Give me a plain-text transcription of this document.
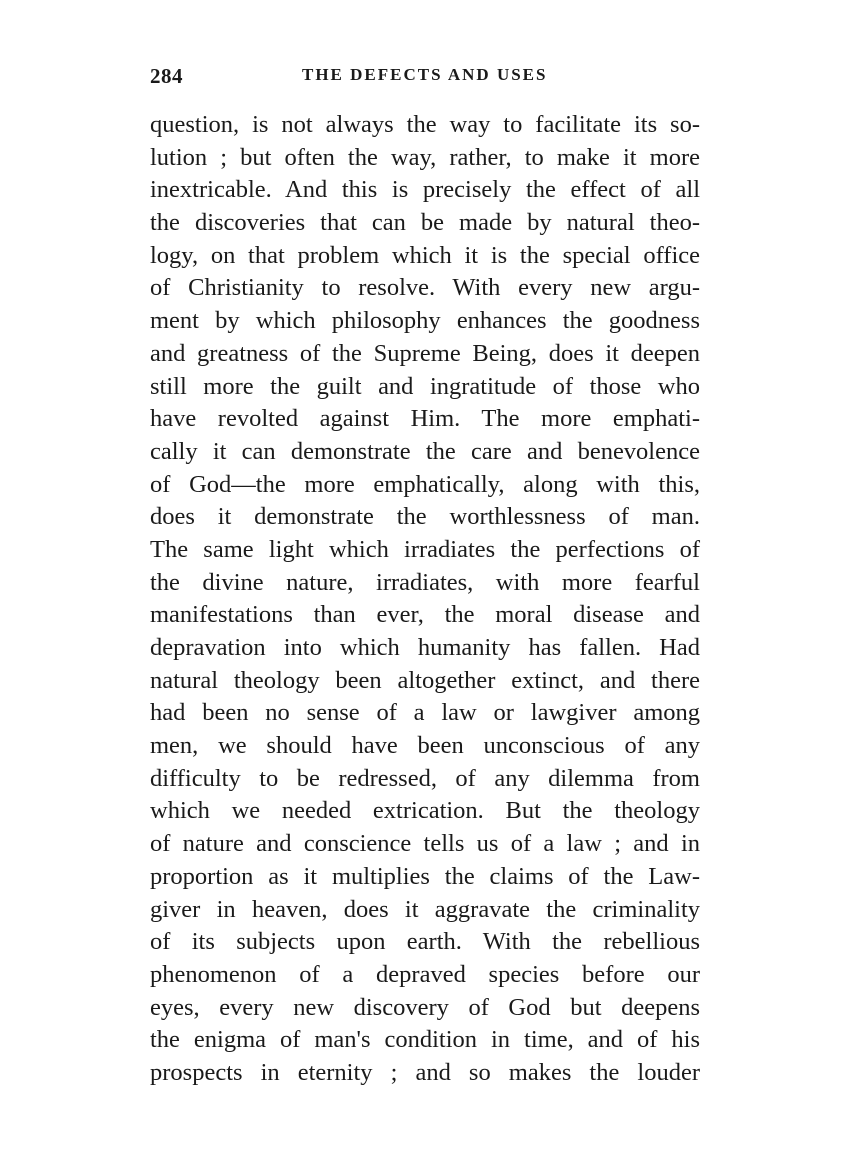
284	THE DEFECTS AND USES
question, is not always the way to facilitate its so-
lution ; but often the way, rather, to make it more
inextricable. And this is precisely the effect of all
the discoveries that can be made by natural theo-
logy, on that problem which it is the special office
of Christianity to resolve. With every new argu-
ment by which philosophy enhances the goodness
and greatness of the Supreme Being, does it deepen
still more the guilt and ingratitude of those who
have revolted against Him. The more emphati-
cally it can demonstrate the care and benevolence
of God—the more emphatically, along with this,
does it demonstrate the worthlessness of man.
The same light which irradiates the perfections of
the divine nature, irradiates, with more fearful
manifestations than ever, the moral disease and
depravation into which humanity has fallen. Had
natural theology been altogether extinct, and there
had been no sense of a law or lawgiver among
men, we should have been unconscious of any
difficulty to be redressed, of any dilemma from
which we needed extrication. But the theology
of nature and conscience tells us of a law ; and in
proportion as it multiplies the claims of the Law-
giver in heaven, does it aggravate the criminality
of its subjects upon earth. With the rebellious
phenomenon of a depraved species before our
eyes, every new discovery of God but deepens
the enigma of man's condition in time, and of his
prospects in eternity ; and so makes the louder
